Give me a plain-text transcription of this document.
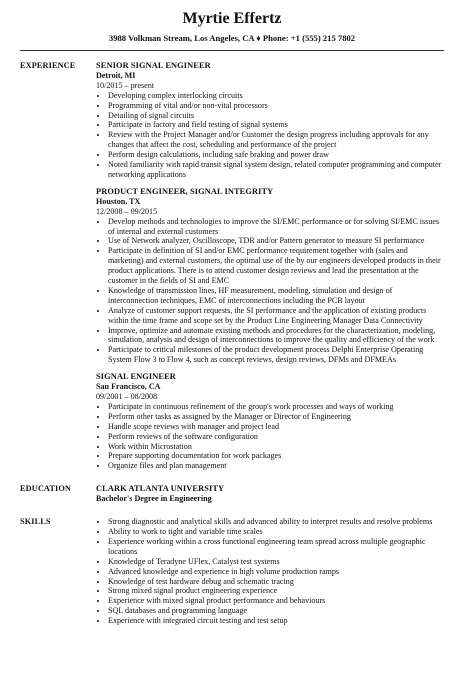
Myrtie Effertz
3988 Volkman Stream, Los Angeles, CA ♦ Phone: +1 (555) 215 7802
EXPERIENCE	SENIOR SIGNAL ENGINEER
Detroit, MI
10/2015 – present
• Developing complex interlocking circuits
• Programming of vital and/or non-vital processors
• Detailing of signal circuits
• Participate in factory and field testing of signal systems
• Review with the Project Manager and/or Customer the design progress including approvals for any changes that affect the cost, scheduling and performance of the project
• Perform design calculations, including safe braking and power draw
• Noted familiarity with rapid transit signal system design, related computer programming and computer networking applications
PRODUCT ENGINEER, SIGNAL INTEGRITY
Houston, TX
12/2008 – 09/2015
• Develop methods and technologies to improve the SI/EMC performance or for solving SI/EMC issues of internal and external customers
• Use of Network analyzer, Oscilloscope, TDR and/or Pattern generator to measure SI performance
• Participate in definition of SI and/or EMC performance requirement together with (sales and marketing) and external customers, the optimal use of the by our engineers developed products in their product applications. There is to attend customer design reviews and lead the presentation at the customer in the fields of SI and EMC
• Knowledge of transmission lines, HF measurement, modeling, simulation and design of interconnection techniques, EMC of interconnections including the PCB layout
• Analyze of customer support requests, the SI performance and the application of existing products within the time frame and scope set by the Product Line Engineering Manager Data Connectivity
• Improve, optimize and automate existing methods and procedures for the characterization, modeling, simulation, analysis and design of interconnections to improve the quality and efficiency of the work
• Participate to critical milestones of the product development process Delphi Enterprise Operating System Flow 3 to Flow 4, such as concept reviews, design reviews, DFMs and DFMEAs
SIGNAL ENGINEER
San Francisco, CA
09/2001 – 08/2008
• Participate in continuous refinement of the group's work processes and ways of working
• Perform other tasks as assigned by the Manager or Director of Engineering
• Handle scope reviews with manager and project lead
• Perform reviews of the software configuration
• Work within Microstation
• Prepare supporting documentation for work packages
• Organize files and plan management
EDUCATION	CLARK ATLANTA UNIVERSITY
Bachelor's Degree in Engineering
SKILLS
•	Strong diagnostic and analytical skills and advanced ability to interpret results and resolve problems
• Ability to work to tight and variable time scales
• Experience working within a cross functional engineering team spread across multiple geographic locations
• Knowledge of Teradyne UFlex, Catalyst test systems
• Advanced knowledge and experience in high volume production ramps
• Knowledge of test hardware debug and schematic tracing
• Strong mixed signal product engineering experience
• Experience with mixed signal product performance and behaviours
• SQL databases and programming language
• Experience with integrated circuit testing and test setup
